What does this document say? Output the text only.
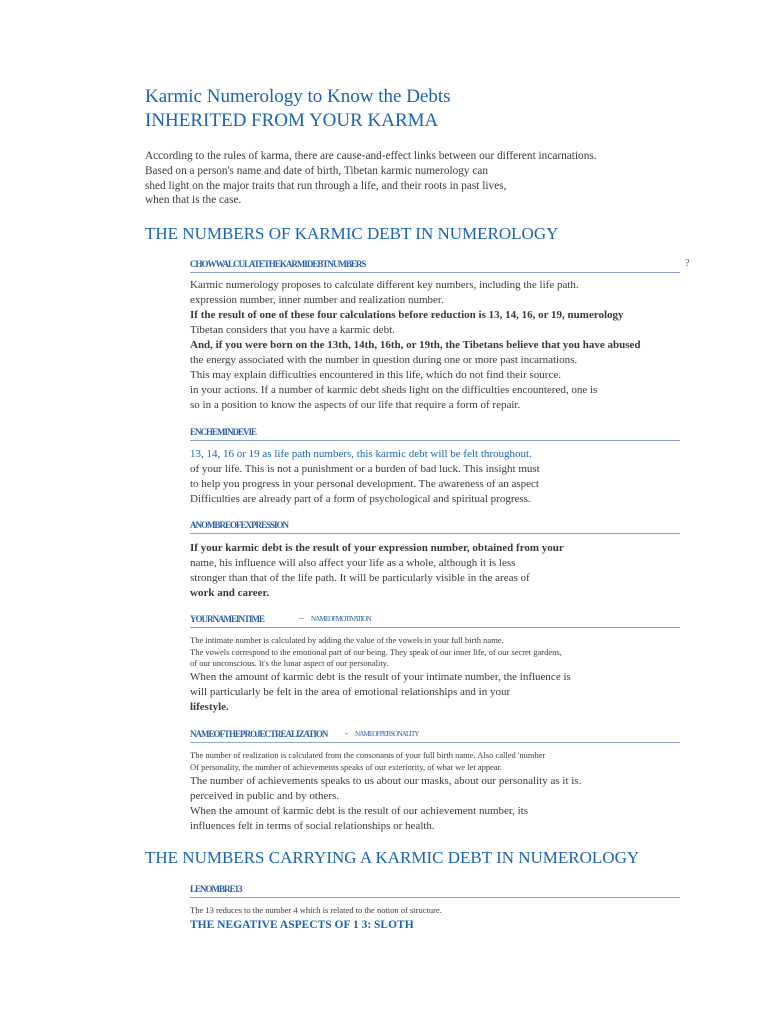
Karmic Numerology to Know the Debts
INHERITED FROM YOUR KARMA

According to the rules of karma, there are cause-and-effect links between our different incarnations.

Based on a person's name and date of birth, Tibetan karmic numerology can

shed light on the major traits that run through a life, and their roots in past lives,

when that is the case.

THE NUMBERS OF KARMIC DEBT IN NUMEROLOGY
CHOWWALCULATETHEKARMIDEBTNUMBERS	?

Karmic numerology proposes to calculate different key numbers, including the life path.

expression number, inner number and realization number.

If the result of one of these four calculations before reduction is 13, 14, 16, or 19, numerology

Tibetan considers that you have a karmic debt.

And, if you were born on the 13th, 14th, 16th, or 19th, the Tibetans believe that you have abused

the energy associated with the number in question during one or more past incarnations.

This may explain difficulties encountered in this life, which do not find their source.

in your actions. If a number of karmic debt sheds light on the difficulties encountered, one is

so in a position to know the aspects of our life that require a form of repair.

ENCHEMINDEVIE

13, 14, 16 or 19 as life path numbers, this karmic debt will be felt throughout.

of your life. This is not a punishment or a burden of bad luck. This insight must

to help you progress in your personal development. The awareness of an aspect

Difficulties are already part of a form of psychological and spiritual progress.

ANOMBREOFEXPRESSION

If your karmic debt is the result of your expression number, obtained from your

name, his influence will also affect your life as a whole, although it is less

stronger than that of the life path. It will be particularly visible in the areas of

work and career.

YOURNAMEINTIME	– NAMEOFMOTIVATION

The intimate number is calculated by adding the value of the vowels in your full birth name.

The vowels correspond to the emotional part of our being. They speak of our inner life, of our secret gardens,

of our unconscious. It's the lunar aspect of our personality.

When the amount of karmic debt is the result of your intimate number, the influence is

will particularly be felt in the area of emotional relationships and in your

lifestyle.

NAMEOFTHEPROJECTREALIZATION - NAMEOFPERSONALITY

The number of realization is calculated from the consonants of your full birth name. Also called 'number

Of personality, the number of achievements speaks of our exteriority, of what we let appear.

The number of achievements speaks to us about our masks, about our personality as it is.

perceived in public and by others.

When the amount of karmic debt is the result of our achievement number, its

influences felt in terms of social relationships or health.

THE NUMBERS CARRYING A KARMIC DEBT IN NUMEROLOGY
LENOMBRE13

The 13 reduces to the number 4 which is related to the notion of structure.

THE NEGATIVE ASPECTS OF 1 3: SLOTH
